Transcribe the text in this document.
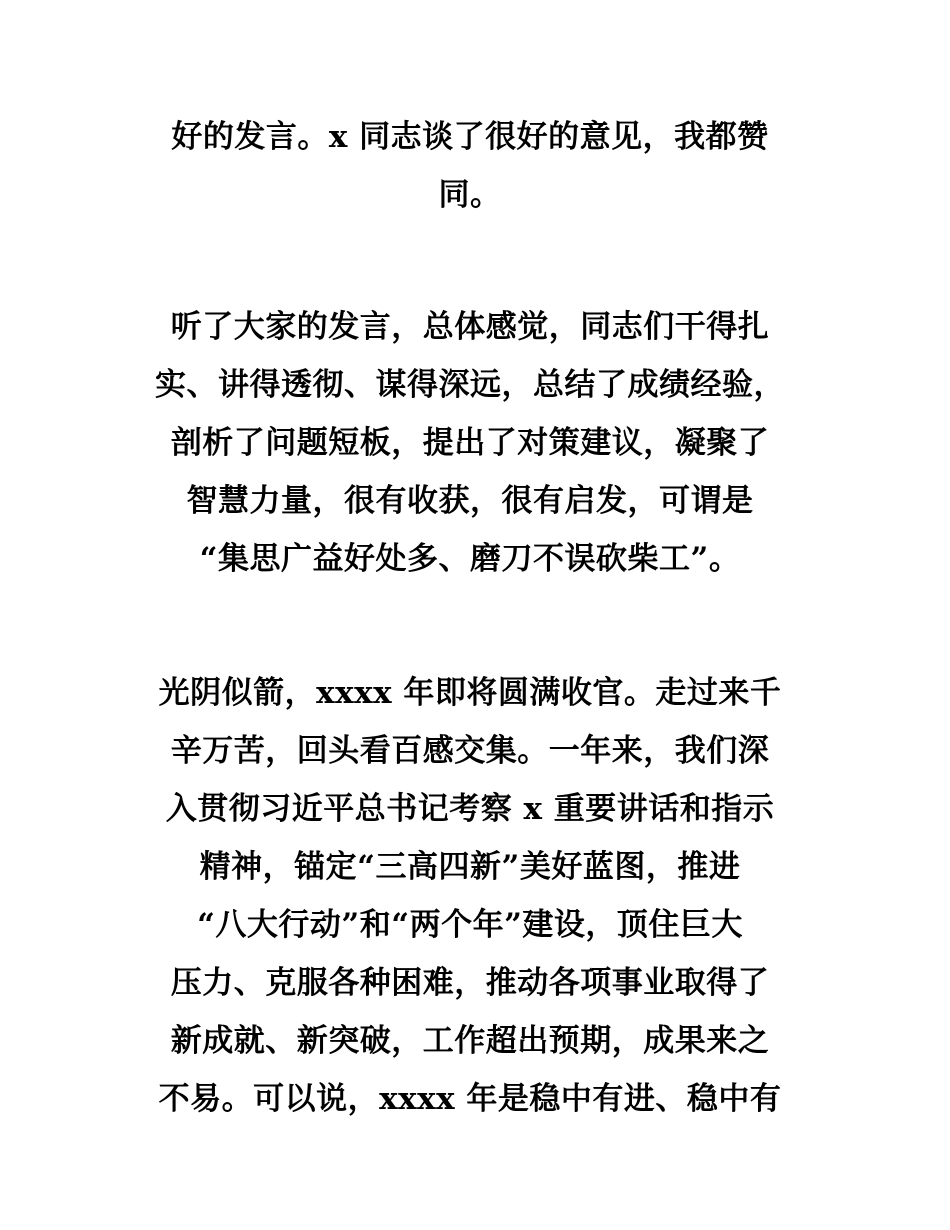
好的发言。x 同志谈了很好的意见，我都赞
同。
听了大家的发言，总体感觉，同志们干得扎
实、讲得透彻、谋得深远，总结了成绩经验，
剖析了问题短板，提出了对策建议，凝聚了
智慧力量，很有收获，很有启发，可谓是
“集思广益好处多、磨刀不误砍柴工”。
光阴似箭，xxxx 年即将圆满收官。走过来千
辛万苦，回头看百感交集。一年来，我们深
入贯彻习近平总书记考察 x 重要讲话和指示
精神，锚定“三高四新”美好蓝图，推进
“八大行动”和“两个年”建设，顶住巨大
压力、克服各种困难，推动各项事业取得了
新成就、新突破，工作超出预期，成果来之
不易。可以说，xxxx 年是稳中有进、稳中有
